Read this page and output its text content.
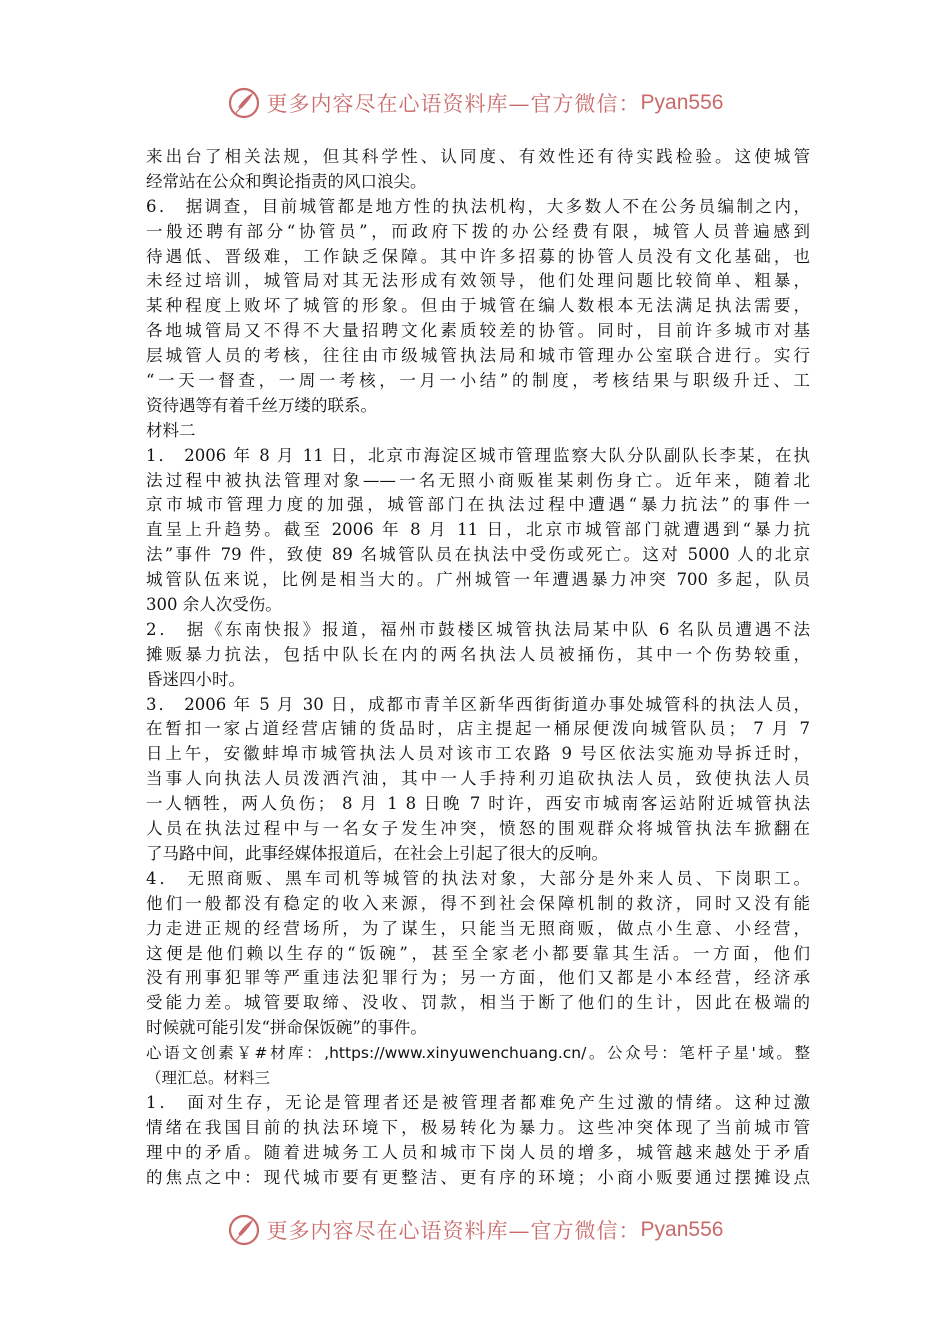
更多内容尽在心语资料库—官方微信： Pyan556
来出台了相关法规，但其科学性、认同度、有效性还有待实践检验。这使城管
经常站在公众和舆论指责的风口浪尖。
6． 据调查，目前城管都是地方性的执法机构，大多数人不在公务员编制之内，
一般还聘有部分“协管员”，而政府下拨的办公经费有限，城管人员普遍感到
待遇低、晋级难，工作缺乏保障。其中许多招募的协管人员没有文化基础，也
未经过培训，城管局对其无法形成有效领导，他们处理问题比较简单、粗暴，
某种程度上败坏了城管的形象。但由于城管在编人数根本无法满足执法需要，
各地城管局又不得不大量招聘文化素质较差的协管。同时，目前许多城市对基
层城管人员的考核，往往由市级城管执法局和城市管理办公室联合进行。实行
“一天一督查，一周一考核，一月一小结”的制度，考核结果与职级升迁、工
资待遇等有着千丝万缕的联系。
材料二
1． 2006 年 8 月 11 日，北京市海淀区城市管理监察大队分队副队长李某，在执
法过程中被执法管理对象——一名无照小商贩崔某刺伤身亡。近年来，随着北
京市城市管理力度的加强，城管部门在执法过程中遭遇“暴力抗法”的事件一
直呈上升趋势。截至 2006 年 8 月 11 日，北京市城管部门就遭遇到“暴力抗
法”事件 79 件，致使 89 名城管队员在执法中受伤或死亡。这对 5000 人的北京
城管队伍来说，比例是相当大的。广州城管一年遭遇暴力冲突 700 多起，队员
300 余人次受伤。
2． 据《东南快报》报道，福州市鼓楼区城管执法局某中队 6 名队员遭遇不法
摊贩暴力抗法，包括中队长在内的两名执法人员被捅伤，其中一个伤势较重，
昏迷四小时。
3． 2006 年 5 月 30 日，成都市青羊区新华西街街道办事处城管科的执法人员，
在暂扣一家占道经营店铺的货品时，店主提起一桶尿便泼向城管队员； 7 月 7
日上午，安徽蚌埠市城管执法人员对该市工农路 9 号区依法实施劝导拆迁时，
当事人向执法人员泼洒汽油，其中一人手持利刃追砍执法人员，致使执法人员
一人牺牲，两人负伤； 8 月 1 8 日晚 7 时许，西安市城南客运站附近城管执法
人员在执法过程中与一名女子发生冲突，愤怒的围观群众将城管执法车掀翻在
了马路中间，此事经媒体报道后，在社会上引起了很大的反响。
4． 无照商贩、黑车司机等城管的执法对象，大部分是外来人员、下岗职工。
他们一般都没有稳定的收入来源，得不到社会保障机制的救济，同时又没有能
力走进正规的经营场所，为了谋生，只能当无照商贩，做点小生意、小经营，
这便是他们赖以生存的“饭碗”，甚至全家老小都要靠其生活。一方面，他们
没有刑事犯罪等严重违法犯罪行为；另一方面，他们又都是小本经营，经济承
受能力差。城管要取缔、没收、罚款，相当于断了他们的生计，因此在极端的
时候就可能引发“拼命保饭碗”的事件。
心语文创素￥#材库：,https://www.xinyuwenchuang.cn/。公众号：笔杆子星'域。整
（理汇总。材料三
1． 面对生存，无论是管理者还是被管理者都难免产生过激的情绪。这种过激
情绪在我国目前的执法环境下，极易转化为暴力。这些冲突体现了当前城市管
理中的矛盾。随着进城务工人员和城市下岗人员的增多，城管越来越处于矛盾
的焦点之中：现代城市要有更整洁、更有序的环境；小商小贩要通过摆摊设点
更多内容尽在心语资料库—官方微信： Pyan556
